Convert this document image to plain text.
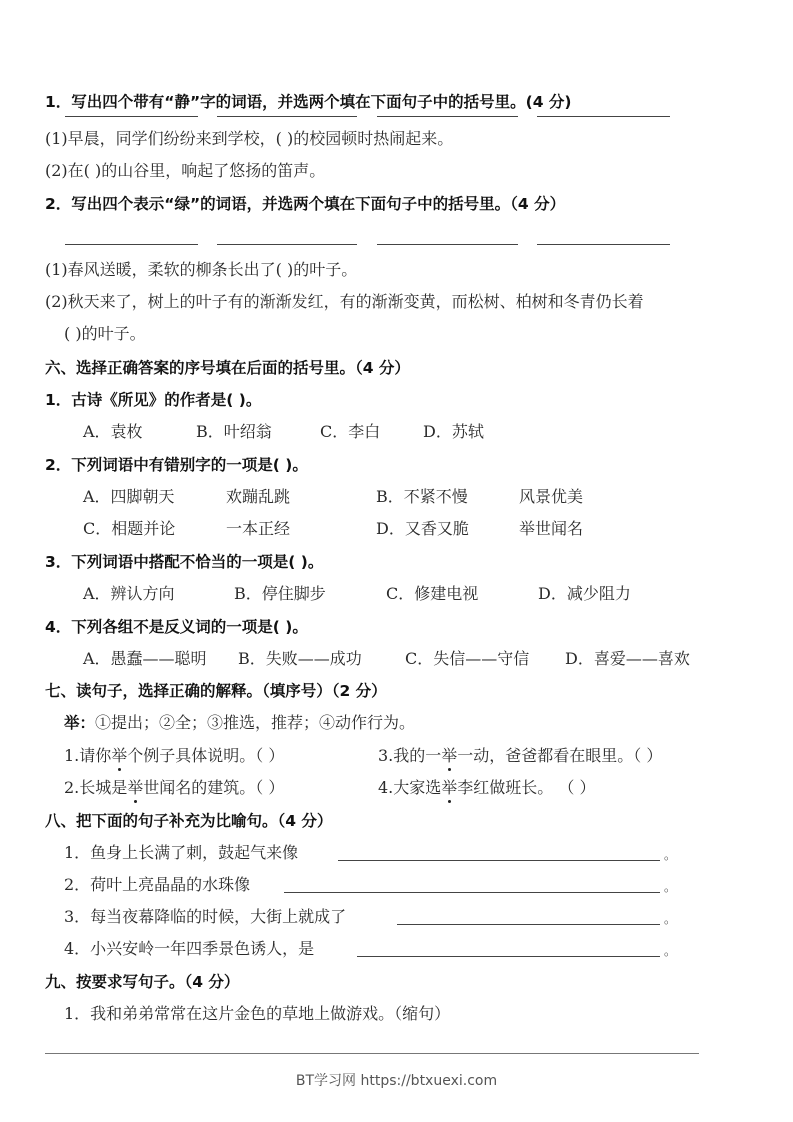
1．写出四个带有“静”字的词语，并选两个填在下面句子中的括号里。(4 分)
(1)早晨，同学们纷纷来到学校，( )的校园顿时热闹起来。
(2)在( )的山谷里，响起了悠扬的笛声。
2．写出四个表示“绿”的词语，并选两个填在下面句子中的括号里。（4 分）
(1)春风送暖，柔软的柳条长出了( )的叶子。
(2)秋天来了，树上的叶子有的渐渐发红，有的渐渐变黄，而松树、柏树和冬青仍长着
( )的叶子。
六、选择正确答案的序号填在后面的括号里。（4 分）
1．古诗《所见》的作者是( )。
A．袁枚	B．叶绍翁	C．李白	D．苏轼
2．下列词语中有错别字的一项是( )。
A．四脚朝天	欢蹦乱跳	B．不紧不慢	风景优美
C．相题并论	一本正经	D．又香又脆	举世闻名
3．下列词语中搭配不恰当的一项是( )。
A．辨认方向	B．停住脚步	C．修建电视	D．减少阻力
4．下列各组不是反义词的一项是( )。
A．愚蠢——聪明 B．失败——成功	C．失信——守信 D．喜爱——喜欢
七、读句子，选择正确的解释。（填序号）（2 分）
举：①提出；②全；③推选，推荐；④动作行为。
1.请你举个例子具体说明。（ ）	3.我的一举一动，爸爸都看在眼里。（ ）
2.长城是举世闻名的建筑。（ ）	4.大家选举李红做班长。 （ ）
八、把下面的句子补充为比喻句。（4 分）
1．鱼身上长满了刺，鼓起气来像	。
2．荷叶上亮晶晶的水珠像	。
3．每当夜幕降临的时候，大街上就成了	。
4．小兴安岭一年四季景色诱人，是	。
九、按要求写句子。（4 分）
1．我和弟弟常常在这片金色的草地上做游戏。（缩句）
BT学习网 https://btxuexi.com
